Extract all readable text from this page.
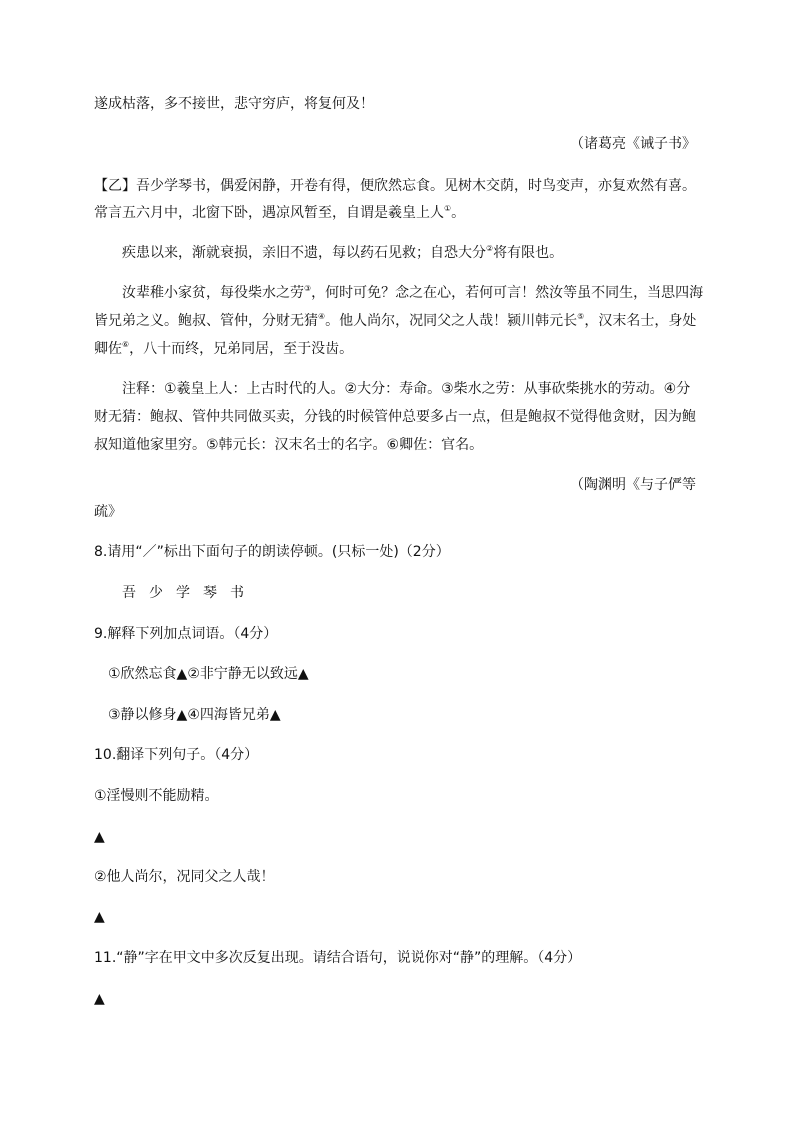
遂成枯落，多不接世，悲守穷庐，将复何及！
（诸葛亮《诫子书》
【乙】吾少学琴书，偶爱闲静，开卷有得，便欣然忘食。见树木交荫，时鸟变声，亦复欢然有喜。
常言五六月中，北窗下卧，遇凉风暂至，自谓是羲皇上人①。
疾患以来，渐就衰损，亲旧不遗，每以药石见救；自恐大分②将有限也。
汝辈稚小家贫，每役柴水之劳③，何时可免？念之在心，若何可言！然汝等虽不同生，当思四海
皆兄弟之义。鲍叔、管仲，分财无猜④。他人尚尔，况同父之人哉！颍川韩元长⑤，汉末名士，身处
卿佐⑥，八十而终，兄弟同居，至于没齿。
注释：①羲皇上人：上古时代的人。②大分：寿命。③柴水之劳：从事砍柴挑水的劳动。④分
财无猜：鲍叔、管仲共同做买卖，分钱的时候管仲总要多占一点，但是鲍叔不觉得他贪财，因为鲍
叔知道他家里穷。⑤韩元长：汉末名士的名字。⑥卿佐：官名。
（陶渊明《与子俨等
疏》
8.请用“／”标出下面句子的朗读停顿。(只标一处)（2分）
吾少学琴书
9.解释下列加点词语。（4分）
①欣然忘食▲②非宁静无以致远▲
③静以修身▲④四海皆兄弟▲
10.翻译下列句子。（4分）
①淫慢则不能励精。
▲
②他人尚尔，况同父之人哉！
▲
11.“静”字在甲文中多次反复出现。请结合语句，说说你对“静”的理解。（4分）
▲
